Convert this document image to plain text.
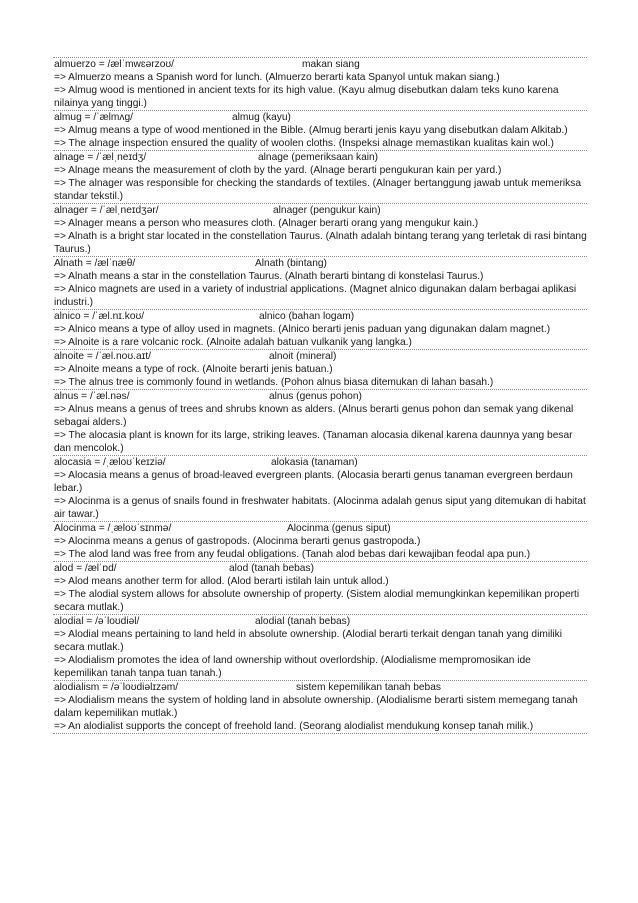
almuerzo = /ælˈmwɛərzoʊ/	makan siang
=> Almuerzo means a Spanish word for lunch. (Almuerzo berarti kata Spanyol untuk makan siang.)
=> Almug wood is mentioned in ancient texts for its high value. (Kayu almug disebutkan dalam teks kuno karena nilainya yang tinggi.)
almug = /ˈælmʌg/	almug (kayu)
=> Almug means a type of wood mentioned in the Bible. (Almug berarti jenis kayu yang disebutkan dalam Alkitab.)
=> The alnage inspection ensured the quality of woolen cloths. (Inspeksi alnage memastikan kualitas kain wol.)
alnage = /ˈælˌneɪdʒ/	alnage (pemeriksaan kain)
=> Alnage means the measurement of cloth by the yard. (Alnage berarti pengukuran kain per yard.)
=> The alnager was responsible for checking the standards of textiles. (Alnager bertanggung jawab untuk memeriksa standar tekstil.)
alnager = /ˈælˌneɪdʒər/	alnager (pengukur kain)
=> Alnager means a person who measures cloth. (Alnager berarti orang yang mengukur kain.)
=> Alnath is a bright star located in the constellation Taurus. (Alnath adalah bintang terang yang terletak di rasi bintang Taurus.)
Alnath = /ælˈnæθ/	Alnath (bintang)
=> Alnath means a star in the constellation Taurus. (Alnath berarti bintang di konstelasi Taurus.)
=> Alnico magnets are used in a variety of industrial applications. (Magnet alnico digunakan dalam berbagai aplikasi industri.)
alnico = /ˈæl.nɪ.koʊ/	alnico (bahan logam)
=> Alnico means a type of alloy used in magnets. (Alnico berarti jenis paduan yang digunakan dalam magnet.)
=> Alnoite is a rare volcanic rock. (Alnoite adalah batuan vulkanik yang langka.)
alnoite = /ˈæl.noʊ.aɪt/	alnoit (mineral)
=> Alnoite means a type of rock. (Alnoite berarti jenis batuan.)
=> The alnus tree is commonly found in wetlands. (Pohon alnus biasa ditemukan di lahan basah.)
alnus = /ˈæl.nəs/	alnus (genus pohon)
=> Alnus means a genus of trees and shrubs known as alders. (Alnus berarti genus pohon dan semak yang dikenal sebagai alders.)
=> The alocasia plant is known for its large, striking leaves. (Tanaman alocasia dikenal karena daunnya yang besar dan mencolok.)
alocasia = /ˌæloʊˈkeɪziə/	alokasia (tanaman)
=> Alocasia means a genus of broad-leaved evergreen plants. (Alocasia berarti genus tanaman evergreen berdaun lebar.)
=> Alocinma is a genus of snails found in freshwater habitats. (Alocinma adalah genus siput yang ditemukan di habitat air tawar.)
Alocinma = /ˌæloʊˈsɪnmə/	Alocinma (genus siput)
=> Alocinma means a genus of gastropods. (Alocinma berarti genus gastropoda.)
=> The alod land was free from any feudal obligations. (Tanah alod bebas dari kewajiban feodal apa pun.)
alod = /ælˈɒd/	alod (tanah bebas)
=> Alod means another term for allod. (Alod berarti istilah lain untuk allod.)
=> The alodial system allows for absolute ownership of property. (Sistem alodial memungkinkan kepemilikan properti secara mutlak.)
alodial = /əˈloʊdiəl/	alodial (tanah bebas)
=> Alodial means pertaining to land held in absolute ownership. (Alodial berarti terkait dengan tanah yang dimiliki secara mutlak.)
=> Alodialism promotes the idea of land ownership without overlordship. (Alodialisme mempromosikan ide kepemilikan tanah tanpa tuan tanah.)
alodialism = /əˈloʊdiəlɪzəm/	sistem kepemilikan tanah bebas
=> Alodialism means the system of holding land in absolute ownership. (Alodialisme berarti sistem memegang tanah dalam kepemilikan mutlak.)
=> An alodialist supports the concept of freehold land. (Seorang alodialist mendukung konsep tanah milik.)
